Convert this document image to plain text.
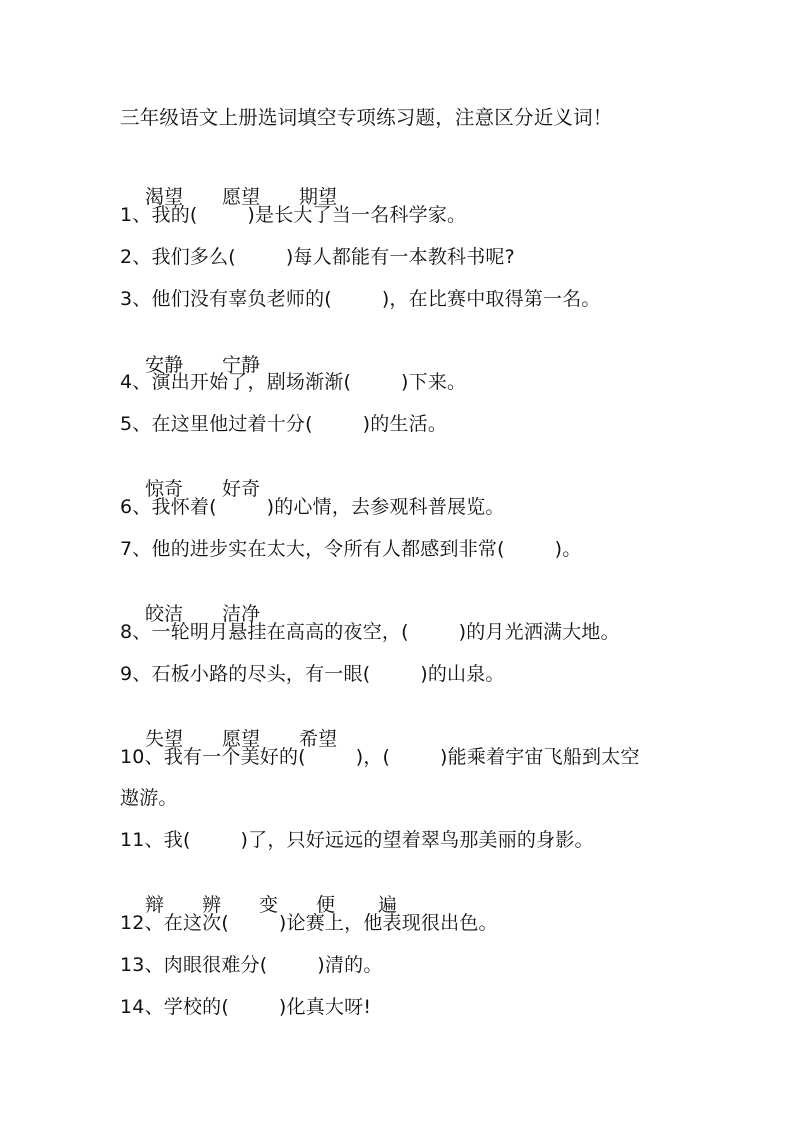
三年级语文上册选词填空专项练习题，注意区分近义词！

渴望 愿望 期望

1、我的(        )是长大了当一名科学家。
2、我们多么(        )每人都能有一本教科书呢?
3、他们没有辜负老师的(        )，在比赛中取得第一名。

安静 宁静

4、演出开始了，剧场渐渐(        )下来。
5、在这里他过着十分(        )的生活。

惊奇 好奇

6、我怀着(        )的心情，去参观科普展览。
7、他的进步实在太大，令所有人都感到非常(        )。

皎洁 洁净

8、一轮明月悬挂在高高的夜空，(        )的月光洒满大地。
9、石板小路的尽头，有一眼(        )的山泉。

失望 愿望 希望

10、我有一个美好的(        )，(        )能乘着宇宙飞船到太空
遨游。
11、我(        )了，只好远远的望着翠鸟那美丽的身影。

辩 辨 变 便 遍

12、在这次(        )论赛上，他表现很出色。
13、肉眼很难分(        )清的。
14、学校的(        )化真大呀!
